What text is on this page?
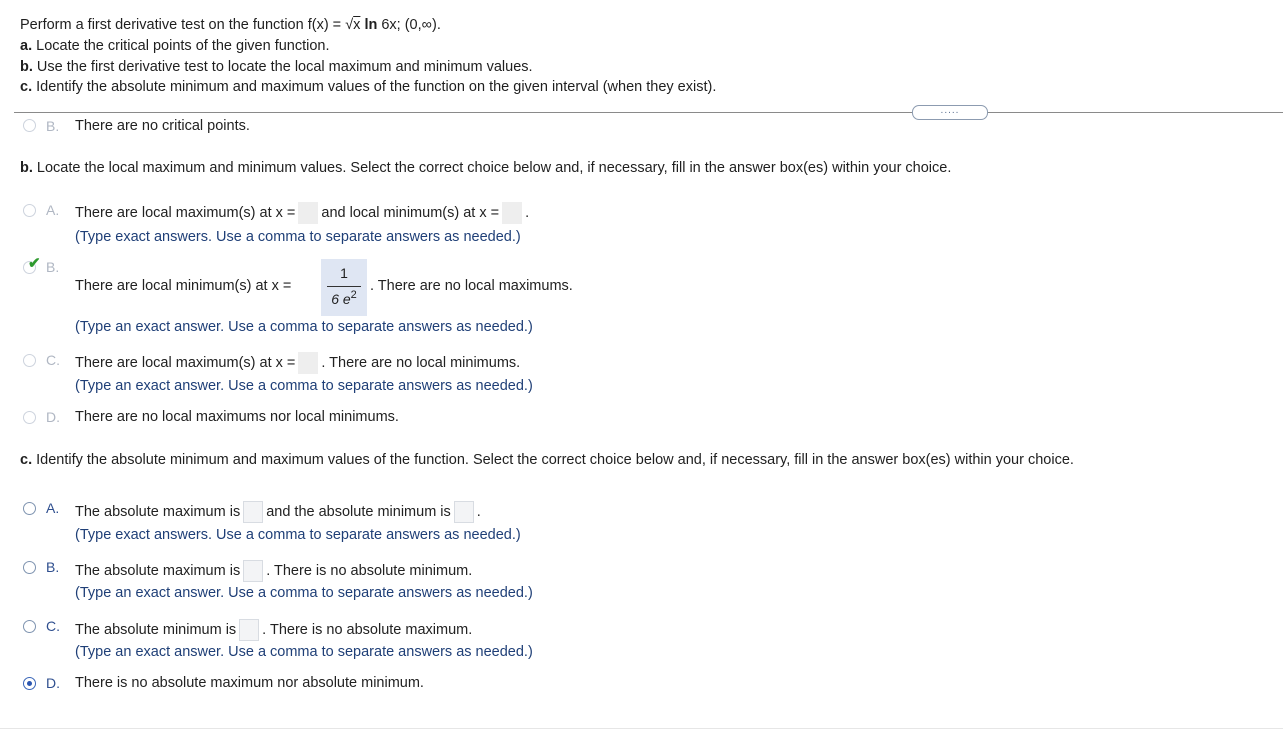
Perform a first derivative test on the function f(x) = √x ln 6x; (0,∞).
a. Locate the critical points of the given function.
b. Use the first derivative test to locate the local maximum and minimum values.
c. Identify the absolute minimum and maximum values of the function on the given interval (when they exist).
.....
B. There are no critical points.
b. Locate the local maximum and minimum values. Select the correct choice below and, if necessary, fill in the answer box(es) within your choice.
A. There are local maximum(s) at x = and local minimum(s) at x = .
(Type exact answers. Use a comma to separate answers as needed.)
✔ B.
There are local minimum(s) at x =
1
6 $e^2$
. There are no local maximums.
(Type an exact answer. Use a comma to separate answers as needed.)
C. There are local maximum(s) at x = . There are no local minimums.
(Type an exact answer. Use a comma to separate answers as needed.)
D. There are no local maximums nor local minimums.
c. Identify the absolute minimum and maximum values of the function. Select the correct choice below and, if necessary, fill in the answer box(es) within your choice.
A. The absolute maximum is and the absolute minimum is .
(Type exact answers. Use a comma to separate answers as needed.)
B. The absolute maximum is . There is no absolute minimum.
(Type an exact answer. Use a comma to separate answers as needed.)
C. The absolute minimum is . There is no absolute maximum.
(Type an exact answer. Use a comma to separate answers as needed.)
D. There is no absolute maximum nor absolute minimum.
